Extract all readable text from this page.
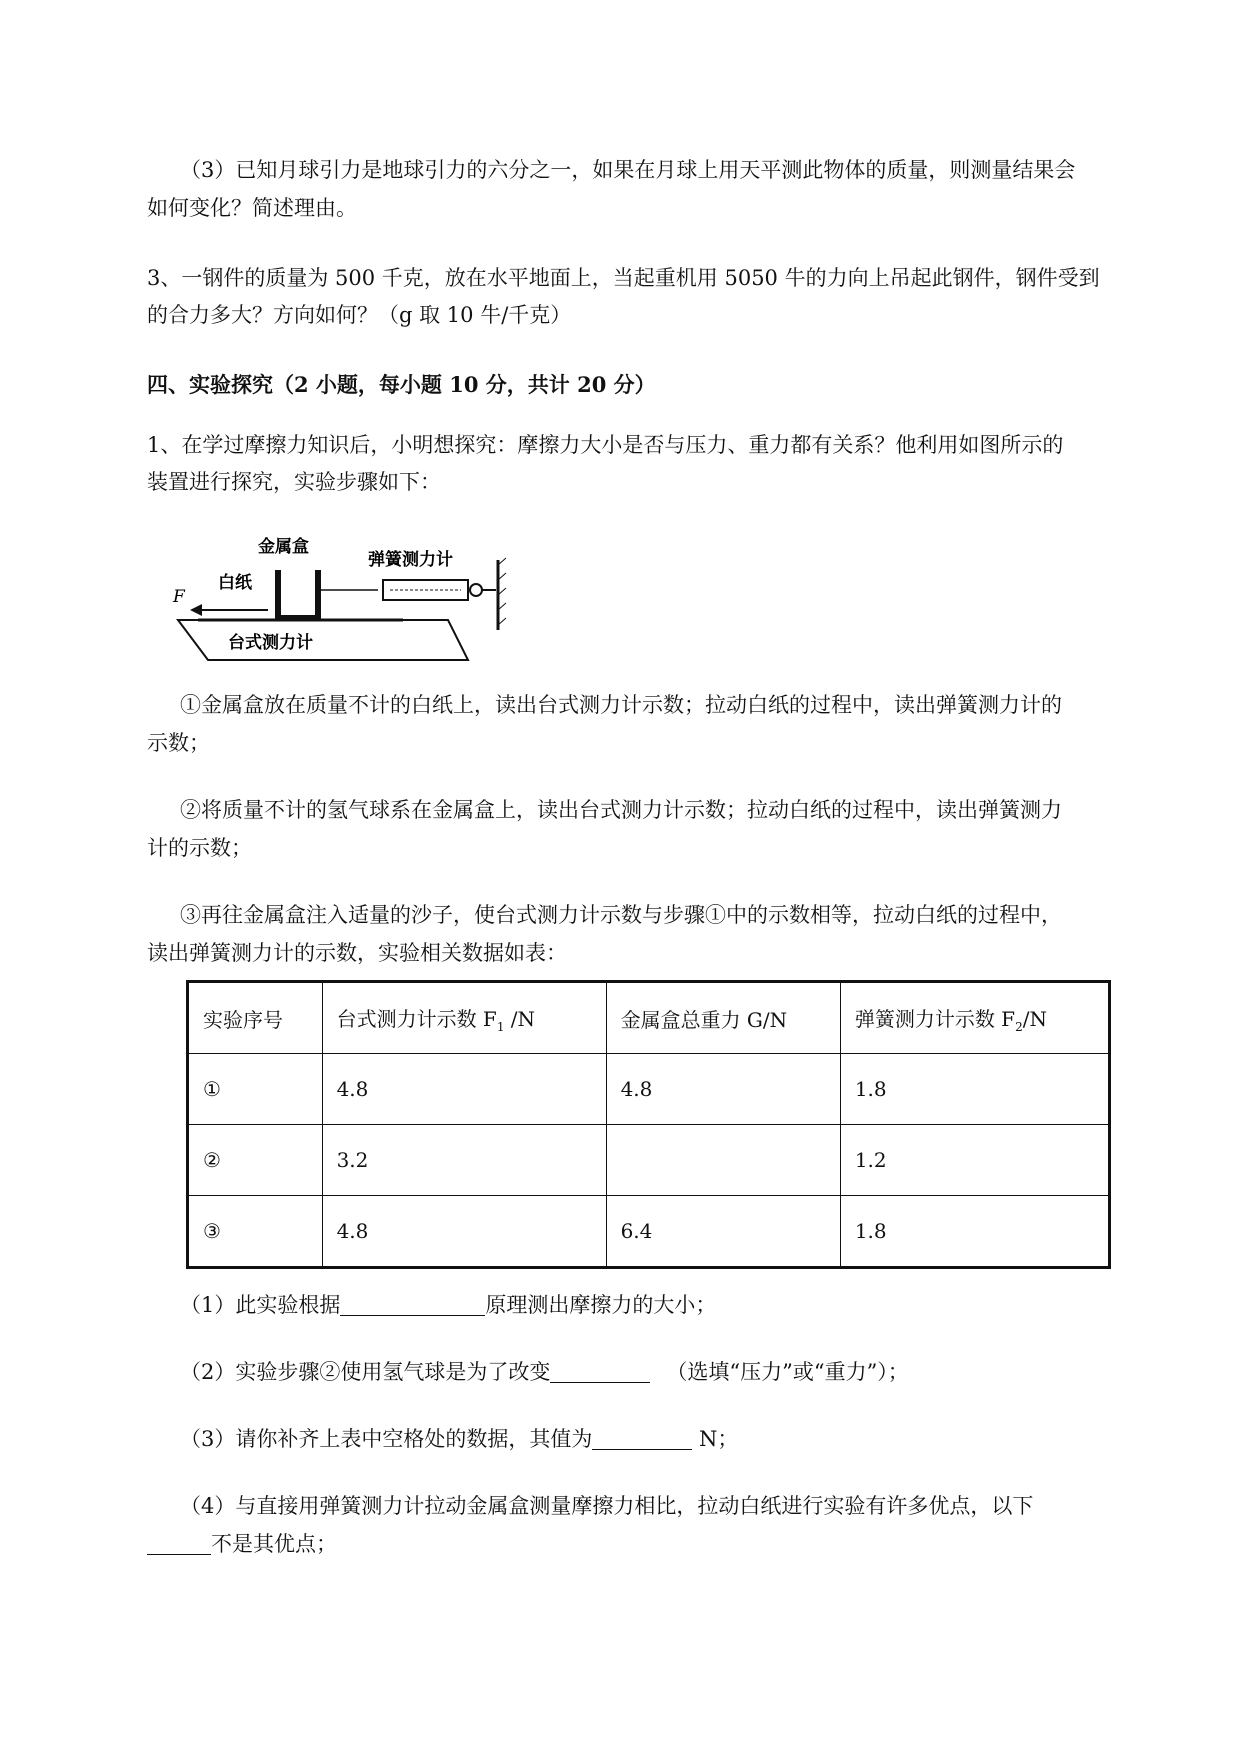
（3）已知月球引力是地球引力的六分之一，如果在月球上用天平测此物体的质量，则测量结果会
如何变化？简述理由。
3、一钢件的质量为 500 千克，放在水平地面上，当起重机用 5050 牛的力向上吊起此钢件，钢件受到
的合力多大？方向如何？（g 取 10 牛/千克）
四、实验探究（2 小题，每小题 10 分，共计 20 分）
1、在学过摩擦力知识后，小明想探究：摩擦力大小是否与压力、重力都有关系？他利用如图所示的
装置进行探究，实验步骤如下：
金属盒
白纸
弹簧测力计
台式测力计
F
①金属盒放在质量不计的白纸上，读出台式测力计示数；拉动白纸的过程中，读出弹簧测力计的
示数；
②将质量不计的氢气球系在金属盒上，读出台式测力计示数；拉动白纸的过程中，读出弹簧测力
计的示数；
③再往金属盒注入适量的沙子，使台式测力计示数与步骤①中的示数相等，拉动白纸的过程中，
读出弹簧测力计的示数，实验相关数据如表：
实验序号	台式测力计示数 $F_1$ /N	金属盒总重力 G/N	弹簧测力计示数 $F_2/N$
①	4.8	4.8	1.8
②	3.2		1.2
③	4.8	6.4	1.8
（1）此实验根据	原理测出摩擦力的大小；
（2）实验步骤②使用氢气球是为了改变	（选填“压力”或“重力”）；
（3）请你补齐上表中空格处的数据，其值为	N；
（4）与直接用弹簧测力计拉动金属盒测量摩擦力相比，拉动白纸进行实验有许多优点，以下
不是其优点；
